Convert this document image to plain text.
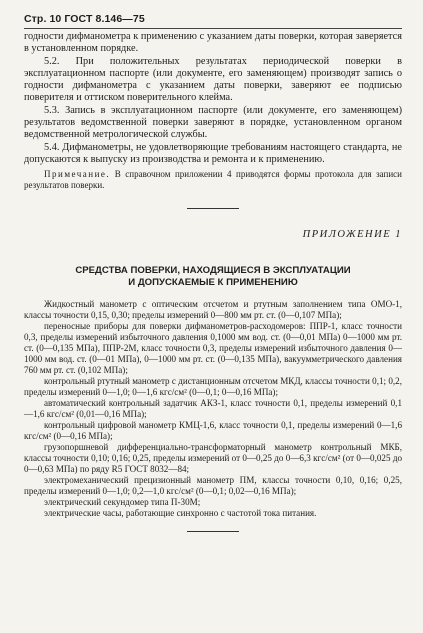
Стр. 10 ГОСТ 8.146—75

годности дифманометра к применению с указанием даты поверки, которая заверяется в установленном порядке.

5.2. При положительных результатах периодической поверки в эксплуатационном паспорте (или документе, его заменяющем) производят запись о годности дифманометра с указанием даты поверки, заверяют ее подписью поверителя и оттиском поверительного клейма.

5.3. Запись в эксплуатационном паспорте (или документе, его заменяющем) результатов ведомственной поверки заверяют в порядке, установленном органом ведомственной метрологической службы.

5.4. Дифманометры, не удовлетворяющие требованиям настоящего стандарта, не допускаются к выпуску из производства и ремонта и к применению.

Примечание. В справочном приложении 4 приводятся формы протокола для записи результатов поверки.

ПРИЛОЖЕНИЕ 1

СРЕДСТВА ПОВЕРКИ, НАХОДЯЩИЕСЯ В ЭКСПЛУАТАЦИИ

И ДОПУСКАЕМЫЕ К ПРИМЕНЕНИЮ

Жидкостный манометр с оптическим отсчетом и ртутным заполнением типа ОМО-1, классы точности 0,15, 0,30; пределы измерений 0—800 мм рт. ст. (0—0,107 МПа);

переносные приборы для поверки дифманометров-расходомеров: ППР-1, класс точности 0,3, пределы измерений избыточного давления 0,1000 мм вод. ст. (0—0,01 МПа) 0—1000 мм рт. ст. (0—0,135 МПа), ППР-2М, класс точности 0,3, пределы измерений избыточного давления 0—1000 мм вод. ст. (0—01 МПа), 0—1000 мм рт. ст. (0—0,135 МПа), вакуумметрического давления 760 мм рт. ст. (0,102 МПа);

контрольный ртутный манометр с дистанционным отсчетом МКД, классы точности 0,1; 0,2, пределы измерений 0—1,0; 0—1,6 кгс/см² (0—0,1; 0—0,16 МПа);

автоматический контрольный задатчик АКЗ-1, класс точности 0,1, пределы измерений 0,1—1,6 кгс/см² (0,01—0,16 МПа);

контрольный цифровой манометр КМЦ-1,6, класс точности 0,1, пределы измерений 0—1,6 кгс/см² (0—0,16 МПа);

грузопоршневой дифференциально-трансформаторный манометр контрольный МКБ, классы точности 0,10; 0,16; 0,25, пределы измерений от 0—0,25 до 0—6,3 кгс/см² (от 0—0,025 до 0—0,63 МПа) по ряду R5 ГОСТ 8032—84;

электромеханический прецизионный манометр ПМ, классы точности 0,10, 0,16; 0,25, пределы измерений 0—1,0; 0,2—1,0 кгс/см² (0—0,1; 0,02—0,16 МПа);

электрический секундомер типа П-30М;

электрические часы, работающие синхронно с частотой тока питания.
